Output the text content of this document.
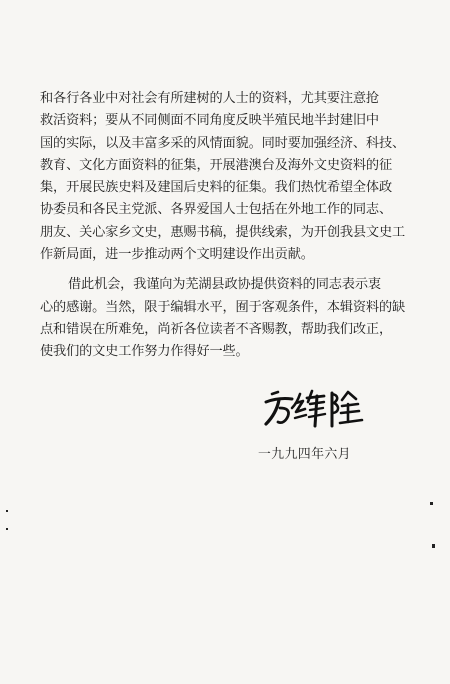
和各行各业中对社会有所建树的人士的资料，尤其要注意抢
救活资料；要从不同侧面不同角度反映半殖民地半封建旧中
国的实际，以及丰富多采的风情面貌。同时要加强经济、科技、
教育、文化方面资料的征集，开展港澳台及海外文史资料的征
集，开展民族史料及建国后史料的征集。我们热忱希望全体政
协委员和各民主党派、各界爱国人士包括在外地工作的同志、
朋友、关心家乡文史，惠赐书稿，提供线索，为开创我县文史工
作新局面，进一步推动两个文明建设作出贡献。
借此机会，我谨向为芜湖县政协提供资料的同志表示衷
心的感谢。当然，限于编辑水平，囿于客观条件，本辑资料的缺
点和错误在所难免，尚祈各位读者不吝赐教，帮助我们改正，
使我们的文史工作努力作得好一些。
一九九四年六月
